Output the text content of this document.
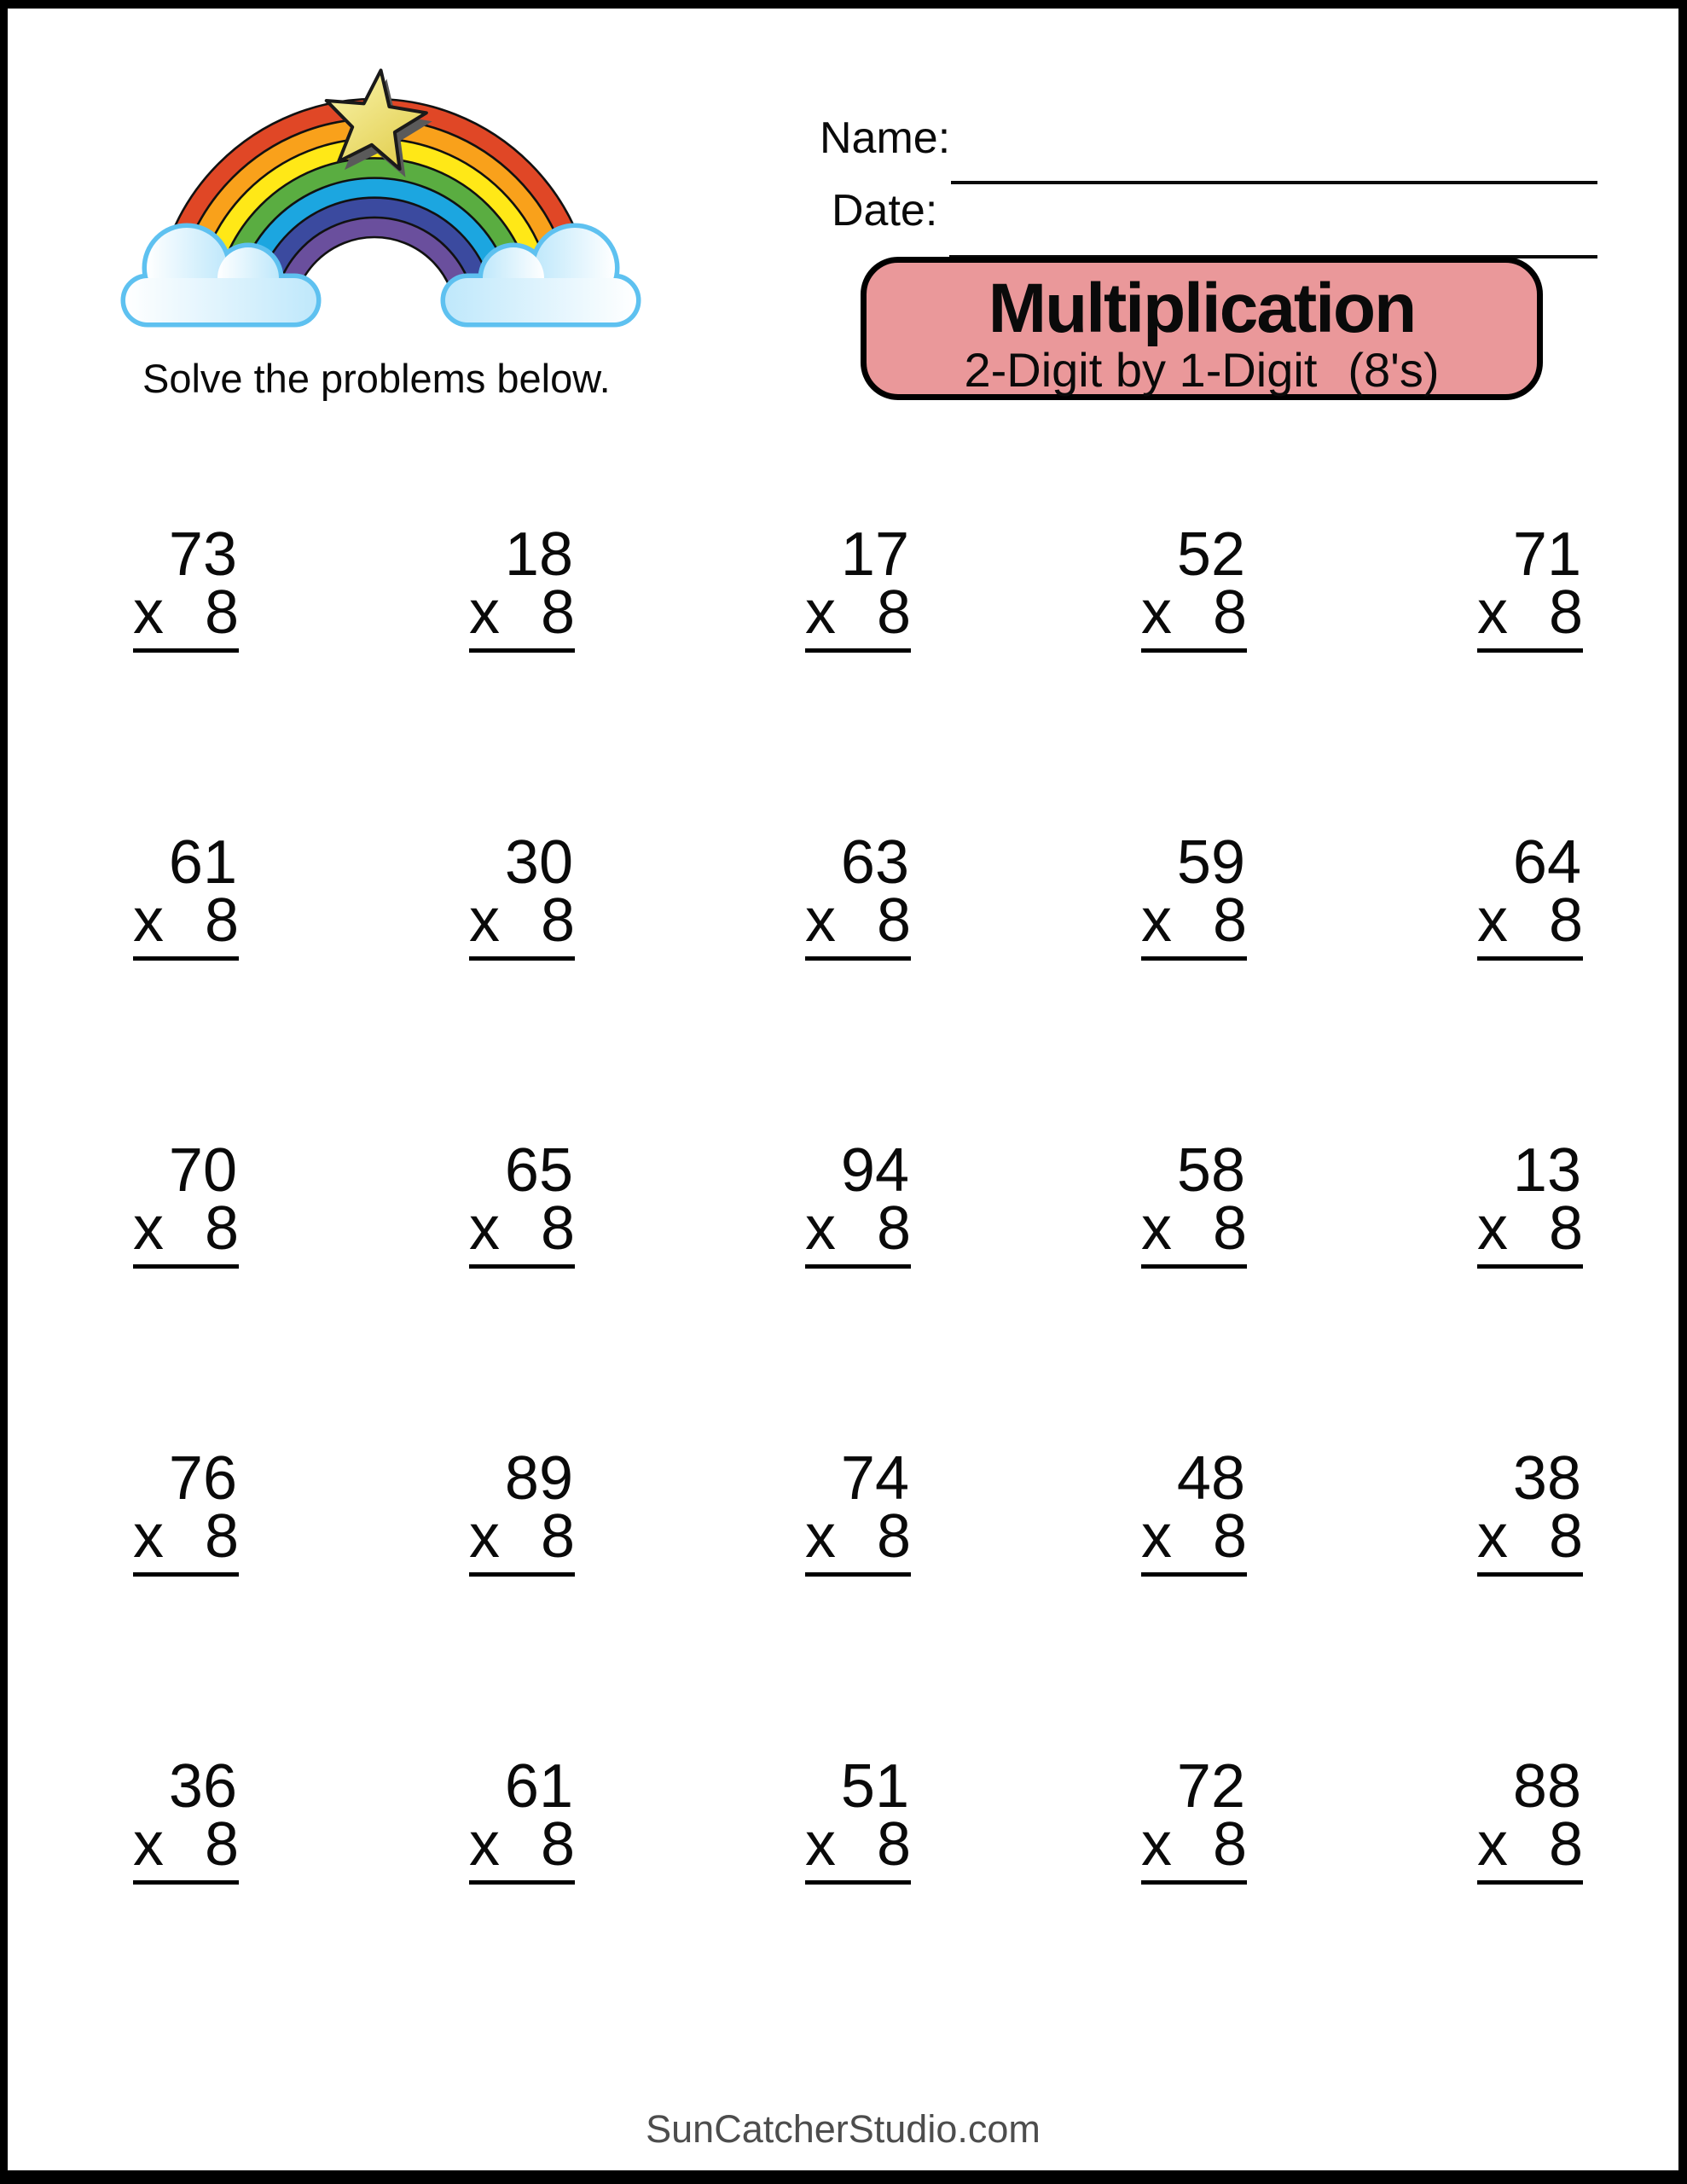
Name:
Date:
Multiplication
2-Digit by 1-Digit (8's)
Solve the problems below.
73
x 8
18
x 8
17
x 8
52
x 8
71
x 8
61
x 8
30
x 8
63
x 8
59
x 8
64
x 8
70
x 8
65
x 8
94
x 8
58
x 8
13
x 8
76
x 8
89
x 8
74
x 8
48
x 8
38
x 8
36
x 8
61
x 8
51
x 8
72
x 8
88
x 8
SunCatcherStudio.com
